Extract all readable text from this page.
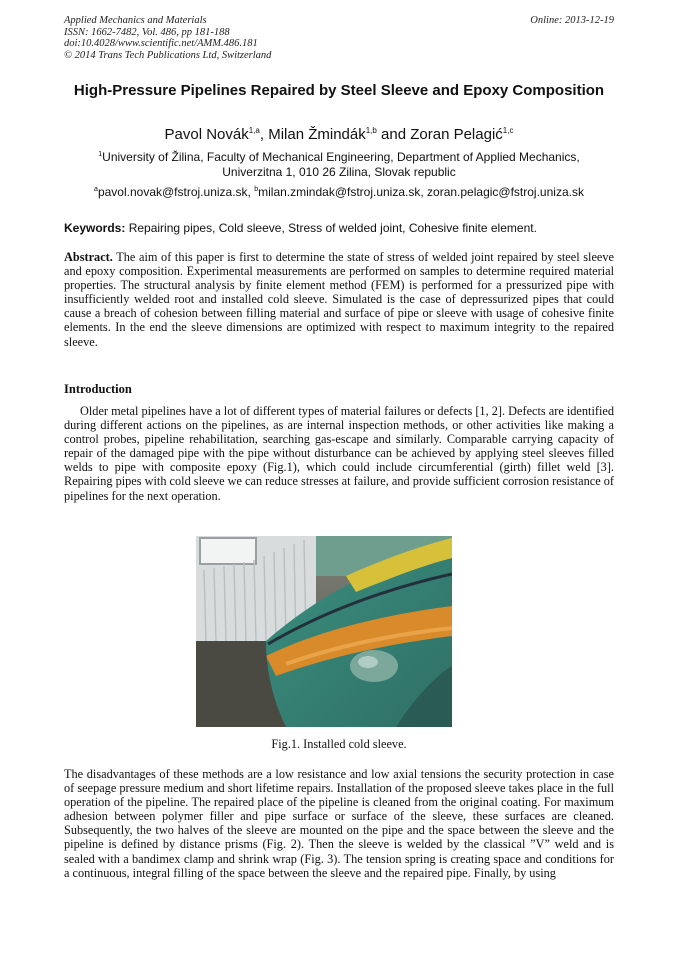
Applied Mechanics and Materials
ISSN: 1662-7482, Vol. 486, pp 181-188
doi:10.4028/www.scientific.net/AMM.486.181
© 2014 Trans Tech Publications Ltd, Switzerland
Online: 2013-12-19
High-Pressure Pipelines Repaired by Steel Sleeve and Epoxy Composition
Pavol Novák$^{1,a}$, Milan Žmindák$^{1,b}$ and Zoran Pelagić$^{1,c}$
$^1$University of Žilina, Faculty of Mechanical Engineering, Department of Applied Mechanics,
Univerzitna 1, 010 26 Zilina, Slovak republic
$^a$pavol.novak@fstroj.uniza.sk, $^b$milan.zmindak@fstroj.uniza.sk, zoran.pelagic@fstroj.uniza.sk
Keywords: Repairing pipes, Cold sleeve, Stress of welded joint, Cohesive finite element.
Abstract. The aim of this paper is first to determine the state of stress of welded joint repaired by steel sleeve and epoxy composition. Experimental measurements are performed on samples to determine required material properties. The structural analysis by finite element method (FEM) is performed for a pressurized pipe with insufficiently welded root and installed cold sleeve. Simulated is the case of depressurized pipes that could cause a breach of cohesion between filling material and surface of pipe or sleeve with usage of cohesive finite elements. In the end the sleeve dimensions are optimized with respect to maximum integrity to the repaired sleeve.
Introduction
Older metal pipelines have a lot of different types of material failures or defects [1, 2]. Defects are identified during different actions on the pipelines, as are internal inspection methods, or other activities like making a control probes, pipeline rehabilitation, searching gas-escape and similarly. Comparable carrying capacity of repair of the damaged pipe with the pipe without disturbance can be achieved by applying steel sleeves filled welds to pipe with composite epoxy (Fig.1), which could include circumferential (girth) fillet weld [3]. Repairing pipes with cold sleeve we can reduce stresses at failure, and provide sufficient corrosion resistance of pipelines for the next operation.
Fig.1. Installed cold sleeve.
The disadvantages of these methods are a low resistance and low axial tensions the security protection in case of seepage pressure medium and short lifetime repairs. Installation of the proposed sleeve takes place in the full operation of the pipeline. The repaired place of the pipeline is cleaned from the original coating. For maximum adhesion between polymer filler and pipe surface or surface of the sleeve, these surfaces are cleaned. Subsequently, the two halves of the sleeve are mounted on the pipe and the space between the sleeve and the pipeline is defined by distance prisms (Fig. 2). Then the sleeve is welded by the classical ”V” weld and is sealed with a bandimex clamp and shrink wrap (Fig. 3). The tension spring is creating space and conditions for a continuous, integral filling of the space between the sleeve and the repaired pipe. Finally, by using
